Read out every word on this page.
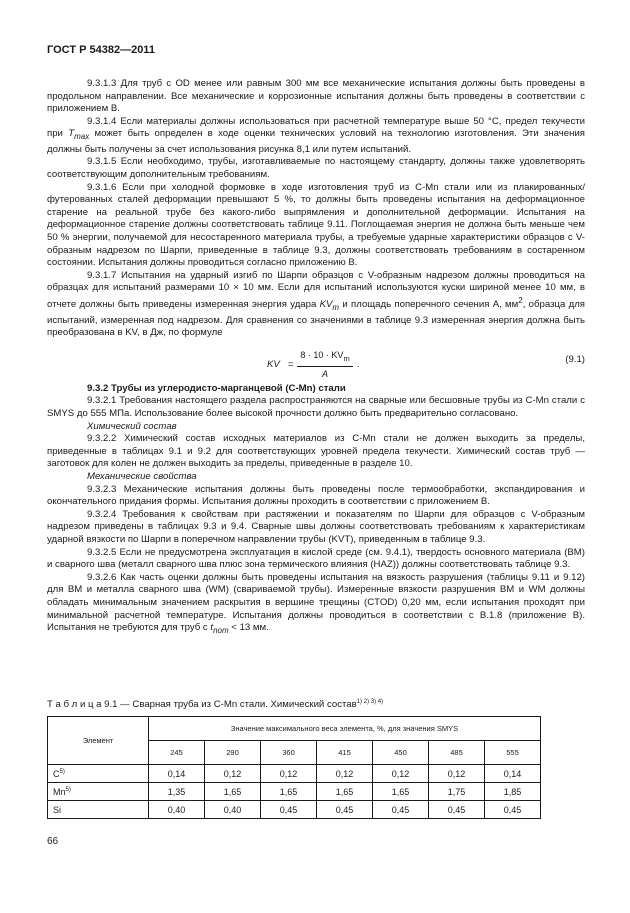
ГОСТ Р 54382—2011

9.3.1.3 Для труб с OD менее или равным 300 мм все механические испытания должны быть проведены в продольном направлении. Все механические и коррозионные испытания должны быть проведены в соответствии с приложением В.

9.3.1.4 Если материалы должны использоваться при расчетной температуре выше 50 °С, предел текучести при $T_{max}$ может быть определен в ходе оценки технических условий на технологию изготовления. Эти значения должны быть получены за счет использования рисунка 8,1 или путем испытаний.

9.3.1.5 Если необходимо, трубы, изготавливаемые по настоящему стандарту, должны также удовлетворять соответствующим дополнительным требованиям.

9.3.1.6 Если при холодной формовке в ходе изготовления труб из C-Mn стали или из плакированных/футерованных сталей деформации превышают 5 %, то должны быть проведены испытания на деформационное старение на реальной трубе без какого-либо выпрямления и дополнительной деформации. Испытания на деформационное старение должны соответствовать таблице 9.11. Поглощаемая энергия не должна быть меньше чем 50 % энергии, получаемой для несостаренного материала трубы, а требуемые ударные характеристики образцов с V-образным надрезом по Шарпи, приведенные в таблице 9.3, должны соответствовать требованиям в состаренном состоянии. Испытания должны проводиться согласно приложению В.

9.3.1.7 Испытания на ударный изгиб по Шарпи образцов с V-образным надрезом должны проводиться на образцах для испытаний размерами 10 × 10 мм. Если для испытаний используются куски шириной менее 10 мм, в отчете должны быть приведены измеренная энергия удара $KV_m$ и площадь поперечного сечения А, $мм^2$, образца для испытаний, измеренная под надрезом. Для сравнения со значениями в таблице 9.3 измеренная энергия должна быть преобразована в KV, в Дж, по формуле

KV = $\frac{8 \cdot 10 \cdot KV_m}{A}$ .	(9.1)

9.3.2 Трубы из углеродисто-марганцевой (C-Mn) стали

9.3.2.1 Требования настоящего раздела распространяются на сварные или бесшовные трубы из C-Mn стали с SMYS до 555 МПа. Использование более высокой прочности должно быть предварительно согласовано.

Химический состав

9.3.2.2 Химический состав исходных материалов из C-Mn стали не должен выходить за пределы, приведенные в таблицах 9.1 и 9.2 для соответствующих уровней предела текучести. Химический состав труб — заготовок для колен не должен выходить за пределы, приведенные в разделе 10.

Механические свойства

9.3.2.3 Механические испытания должны быть проведены после термообработки, экспандирования и окончательного придания формы. Испытания должны проходить в соответствии с приложением В.

9.3.2.4 Требования к свойствам при растяжении и показателям по Шарпи для образцов с V-образным надрезом приведены в таблицах 9.3 и 9.4. Сварные швы должны соответствовать требованиям к характеристикам ударной вязкости по Шарпи в поперечном направлении трубы (KVT), приведенным в таблице 9.3.

9.3.2.5 Если не предусмотрена эксплуатация в кислой среде (см. 9.4.1), твердость основного материала (ВМ) и сварного шва (металл сварного шва плюс зона термического влияния (HAZ)) должны соответствовать таблице 9.3.

9.3.2.6 Как часть оценки должны быть проведены испытания на вязкость разрушения (таблицы 9.11 и 9.12) для BM и металла сварного шва (WM) (свариваемой трубы). Измеренные вязкости разрушения BM и WM должны обладать минимальным значением раскрытия в вершине трещины (CTOD) 0,20 мм, если испытания проходят при минимальной расчетной температуре. Испытания должны проводиться в соответствии с В.1.8 (приложение В). Испытания не требуются для труб с $t_{nom} < 13$ мм.

Т а б л и ц а 9.1 — Сварная труба из C-Mn стали. Химический состав$^{1) 2) 3) 4)}$
Элемент	Значение максимального веса элемента, %, для значения SMYS						
	245	290	360	415	450	485	555
$C^{5)}$	0,14	0,12	0,12	0,12	0,12	0,12	0,14
Mn$^{5)}$	1,35	1,65	1,65	1,65	1,65	1,75	1,85
Si	0,40	0,40	0,45	0,45	0,45	0,45	0,45
66
